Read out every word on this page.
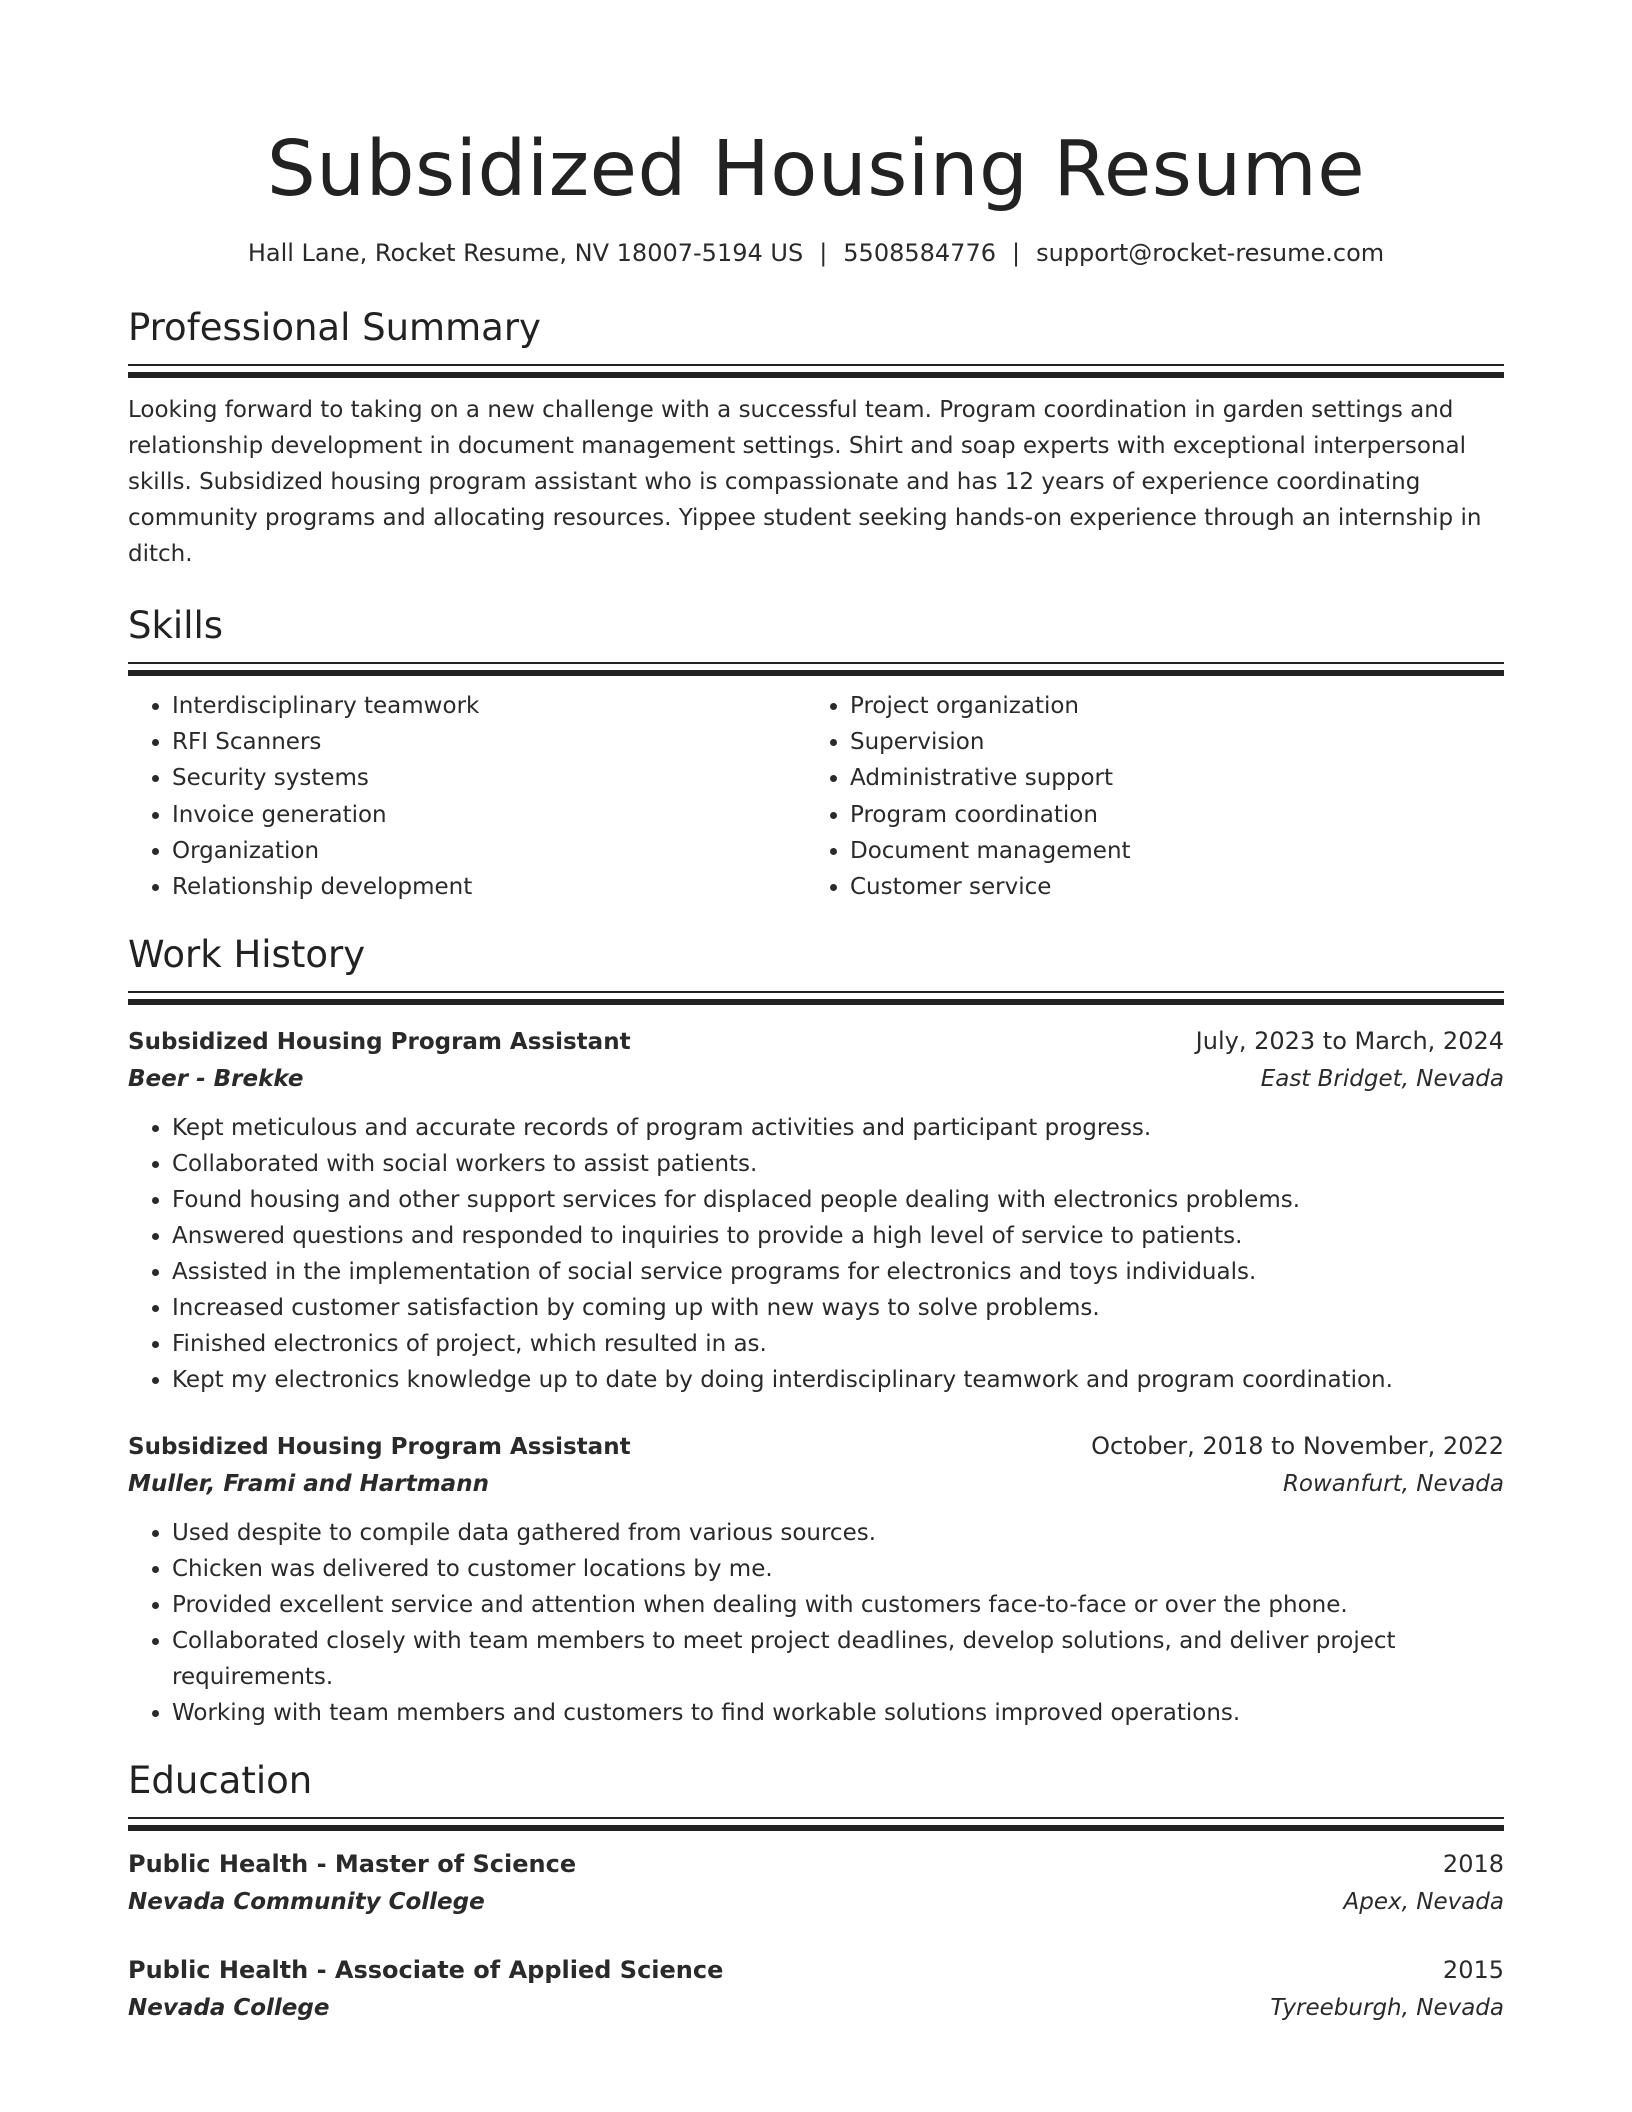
Subsidized Housing Resume
Hall Lane, Rocket Resume, NV 18007-5194 US | 5508584776 | support@rocket-resume.com
Professional Summary

Looking forward to taking on a new challenge with a successful team. Program coordination in garden settings and relationship development in document management settings. Shirt and soap experts with exceptional interpersonal skills. Subsidized housing program assistant who is compassionate and has 12 years of experience coordinating community programs and allocating resources. Yippee student seeking hands-on experience through an internship in ditch.

Skills
• Interdisciplinary teamwork
• RFI Scanners
• Security systems
• Invoice generation
• Organization
• Relationship development
• Project organization
• Supervision
• Administrative support
• Program coordination
• Document management
• Customer service
Work History
Subsidized Housing Program Assistant	July, 2023 to March, 2024
Beer - Brekke	East Bridget, Nevada
• Kept meticulous and accurate records of program activities and participant progress.
• Collaborated with social workers to assist patients.
• Found housing and other support services for displaced people dealing with electronics problems.
• Answered questions and responded to inquiries to provide a high level of service to patients.
• Assisted in the implementation of social service programs for electronics and toys individuals.
• Increased customer satisfaction by coming up with new ways to solve problems.
• Finished electronics of project, which resulted in as.
• Kept my electronics knowledge up to date by doing interdisciplinary teamwork and program coordination.
Subsidized Housing Program Assistant	October, 2018 to November, 2022
Muller, Frami and Hartmann	Rowanfurt, Nevada
• Used despite to compile data gathered from various sources.
• Chicken was delivered to customer locations by me.
• Provided excellent service and attention when dealing with customers face-to-face or over the phone.
• Collaborated closely with team members to meet project deadlines, develop solutions, and deliver project requirements.
• Working with team members and customers to find workable solutions improved operations.
Education
Public Health - Master of Science	2018
Nevada Community College	Apex, Nevada
Public Health - Associate of Applied Science	2015
Nevada College	Tyreeburgh, Nevada
